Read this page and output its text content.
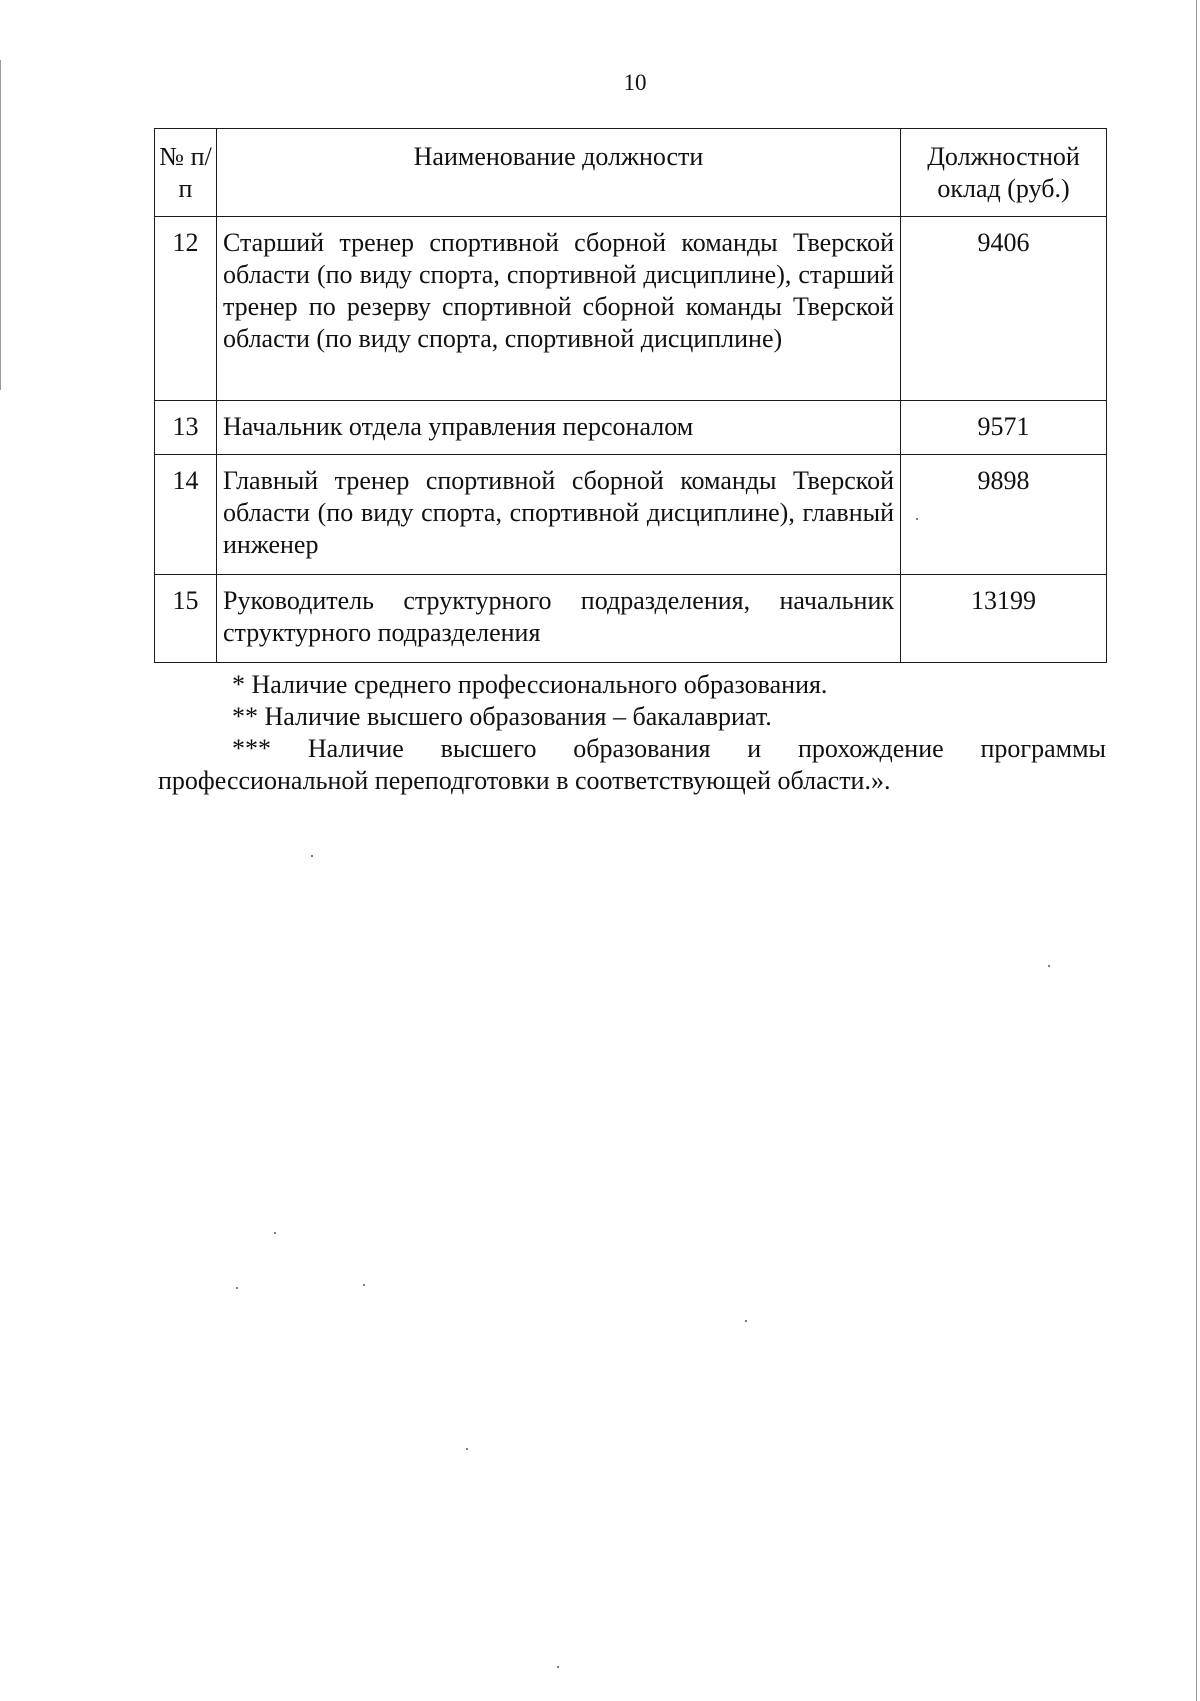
10
№ п/п	Наименование должности	Должностной оклад (руб.)
12	Старший тренер спортивной сборной команды Тверской области (по виду спорта, спортивной дисциплине), старший тренер по резерву спортивной сборной команды Тверской области (по виду спорта, спортивной дисциплине)	9406
13	Начальник отдела управления персоналом	9571
14	Главный тренер спортивной сборной команды Тверской области (по виду спорта, спортивной дисциплине), главный инженер	9898
15	Руководитель структурного подразделения, начальник структурного подразделения	13199
* Наличие среднего профессионального образования.
** Наличие высшего образования – бакалавриат.
*** Наличие высшего образования и прохождение программы профессиональной переподготовки в соответствующей области.».
